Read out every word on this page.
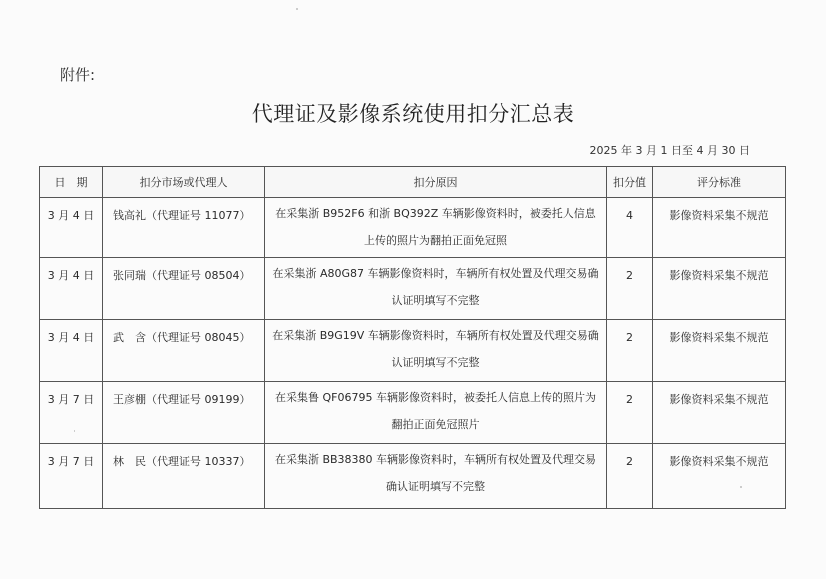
附件:
代理证及影像系统使用扣分汇总表
2025 年 3 月 1 日至 4 月 30 日
日　期	扣分市场或代理人	扣分原因	扣分值	评分标准
3 月 4 日	钱高礼（代理证号 11077）	在采集浙 B952F6 和浙 BQ392Z 车辆影像资料时，被委托人信息上传的照片为翻拍正面免冠照	4	影像资料采集不规范
3 月 4 日	张同瑞（代理证号 08504）	在采集浙 A80G87 车辆影像资料时，车辆所有权处置及代理交易确认证明填写不完整	2	影像资料采集不规范
3 月 4 日	武　含（代理证号 08045）	在采集浙 B9G19V 车辆影像资料时，车辆所有权处置及代理交易确认证明填写不完整	2	影像资料采集不规范
3 月 7 日	王彦棚（代理证号 09199）	在采集鲁 QF06795 车辆影像资料时，被委托人信息上传的照片为翻拍正面免冠照片	2	影像资料采集不规范
3 月 7 日	林　民（代理证号 10337）	在采集浙 BB38380 车辆影像资料时，车辆所有权处置及代理交易确认证明填写不完整	2	影像资料采集不规范
